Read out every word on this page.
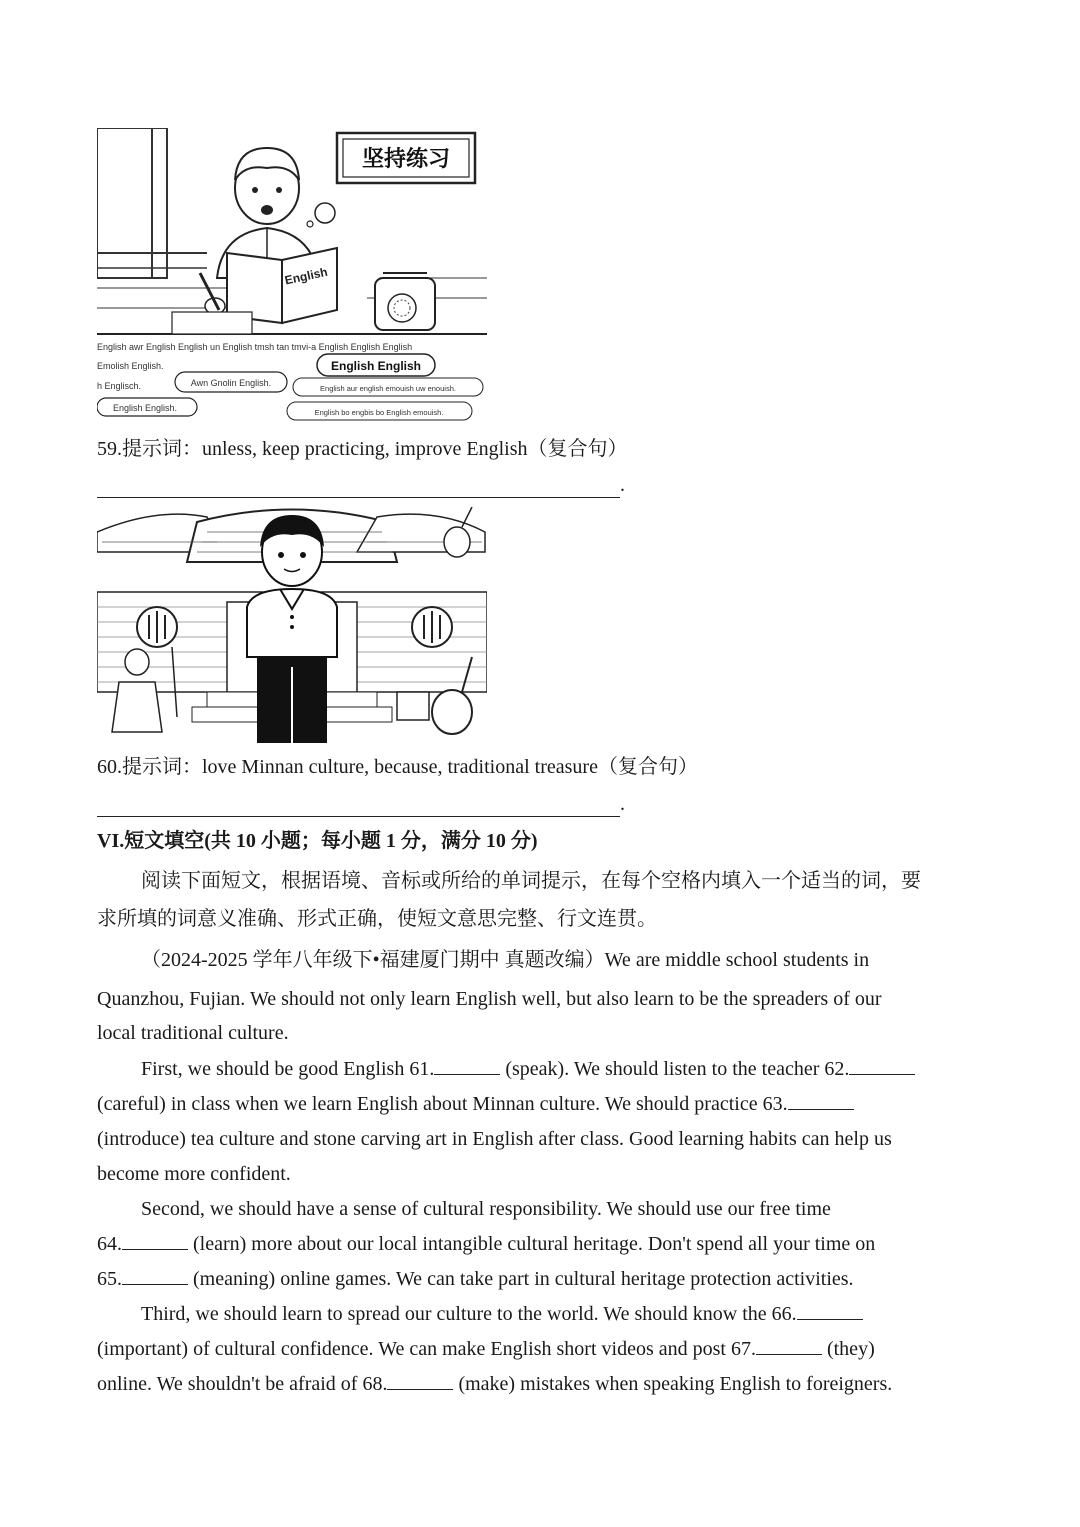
坚持练习
English
English awr English English un English tmsh tan tmvi-a English English English
Emolish English.
h Englisch.
English English
Awn Gnolin English.
English English.
English aur english emouish uw enouish.
English bo engbis bo English emouish.
59.提示词：unless, keep practicing, improve English（复合句）
.
60.提示词：love Minnan culture, because, traditional treasure（复合句）
.
VI.短文填空(共 10 小题；每小题 1 分，满分 10 分)
阅读下面短文，根据语境、音标或所给的单词提示，在每个空格内填入一个适当的词，要
求所填的词意义准确、形式正确，使短文意思完整、行文连贯。
（2024-2025 学年八年级下•福建厦门期中 真题改编）We are middle school students in
Quanzhou, Fujian. We should not only learn English well, but also learn to be the spreaders of our
local traditional culture.
First, we should be good English 61.	(speak). We should listen to the teacher 62.
(careful) in class when we learn English about Minnan culture. We should practice 63.
(introduce) tea culture and stone carving art in English after class. Good learning habits can help us
become more confident.
Second, we should have a sense of cultural responsibility. We should use our free time
64.	(learn) more about our local intangible cultural heritage. Don't spend all your time on
65.	(meaning) online games. We can take part in cultural heritage protection activities.
Third, we should learn to spread our culture to the world. We should know the 66.
(important) of cultural confidence. We can make English short videos and post 67.	(they)
online. We shouldn't be afraid of 68.	(make) mistakes when speaking English to foreigners.
